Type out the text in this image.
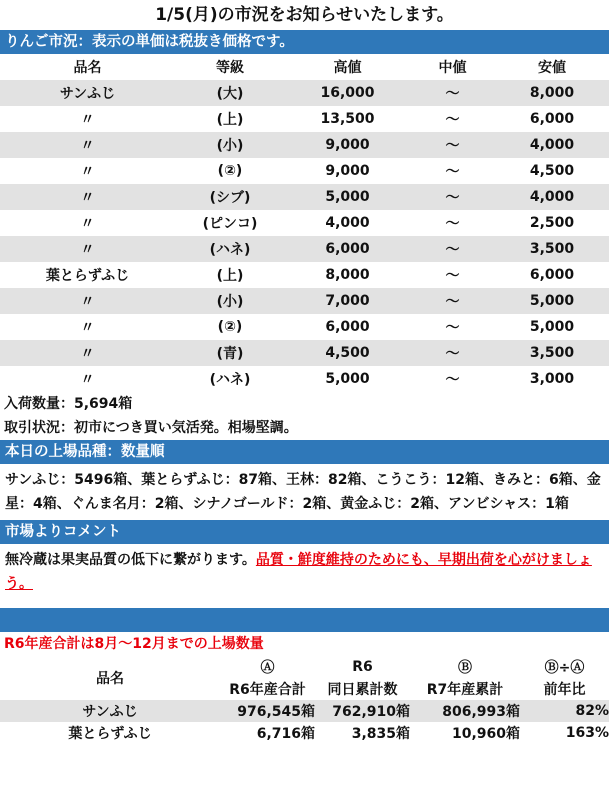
1/5(月)の市況をお知らせいたします。
りんご市況：表示の単価は税抜き価格です。
品名	等級	高値	中値	安値
サンふじ	(大)	16,000	～	8,000
〃	(上)	13,500	～	6,000
〃	(小)	9,000	～	4,000
〃	(②)	9,000	～	4,500
〃	(シブ)	5,000	～	4,000
〃	(ピンコ)	4,000	～	2,500
〃	(ハネ)	6,000	～	3,500
葉とらずふじ	(上)	8,000	～	6,000
〃	(小)	7,000	～	5,000
〃	(②)	6,000	～	5,000
〃	(青)	4,500	～	3,500
〃	(ハネ)	5,000	～	3,000
入荷数量：5,694箱
取引状況：初市につき買い気活発。相場堅調。
本日の上場品種：数量順
サンふじ：5496箱、葉とらずふじ：87箱、王林：82箱、こうこう：12箱、きみと：6箱、金星：4箱、ぐんま名月：2箱、シナノゴールド：2箱、黄金ふじ：2箱、アンビシャス：1箱
市場よりコメント
無冷蔵は果実品質の低下に繋がります。品質・鮮度維持のためにも、早期出荷を心がけましょう。
R6年産合計は8月～12月までの上場数量
品名	Ⓐ	R6	Ⓑ	Ⓑ÷Ⓐ
	R6年産合計	同日累計数	R7年産累計	前年比
サンふじ	976,545箱	762,910箱	806,993箱	82%
葉とらずふじ	6,716箱	3,835箱	10,960箱	163%
